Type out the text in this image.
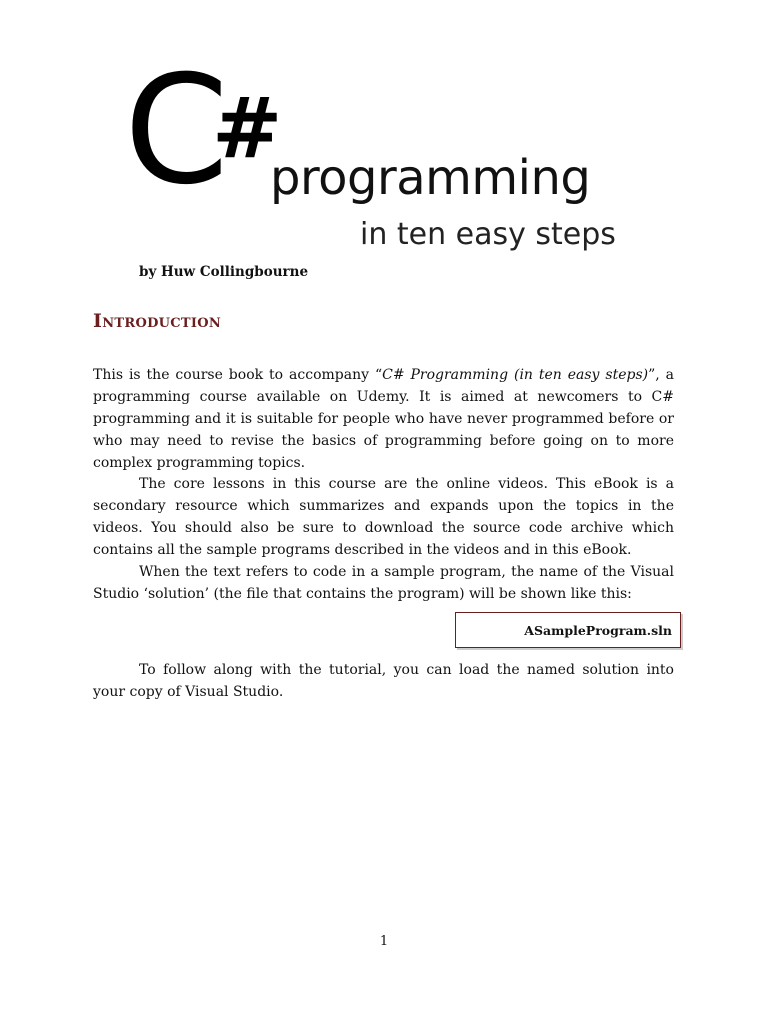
C
#
programming
in ten easy steps
by Huw Collingbourne
Introduction

This is the course book to accompany “C# Programming (in ten easy steps)”, a programming course available on Udemy. It is aimed at newcomers to C# programming and it is suitable for people who have never programmed before or who may need to revise the basics of programming before going on to more complex programming topics.

The core lessons in this course are the online videos. This eBook is a secondary resource which summarizes and expands upon the topics in the videos. You should also be sure to download the source code archive which contains all the sample programs described in the videos and in this eBook.

When the text refers to code in a sample program, the name of the Visual Studio ‘solution’ (the file that contains the program) will be shown like this:

ASampleProgram.sln

To follow along with the tutorial, you can load the named solution into your copy of Visual Studio.

1
